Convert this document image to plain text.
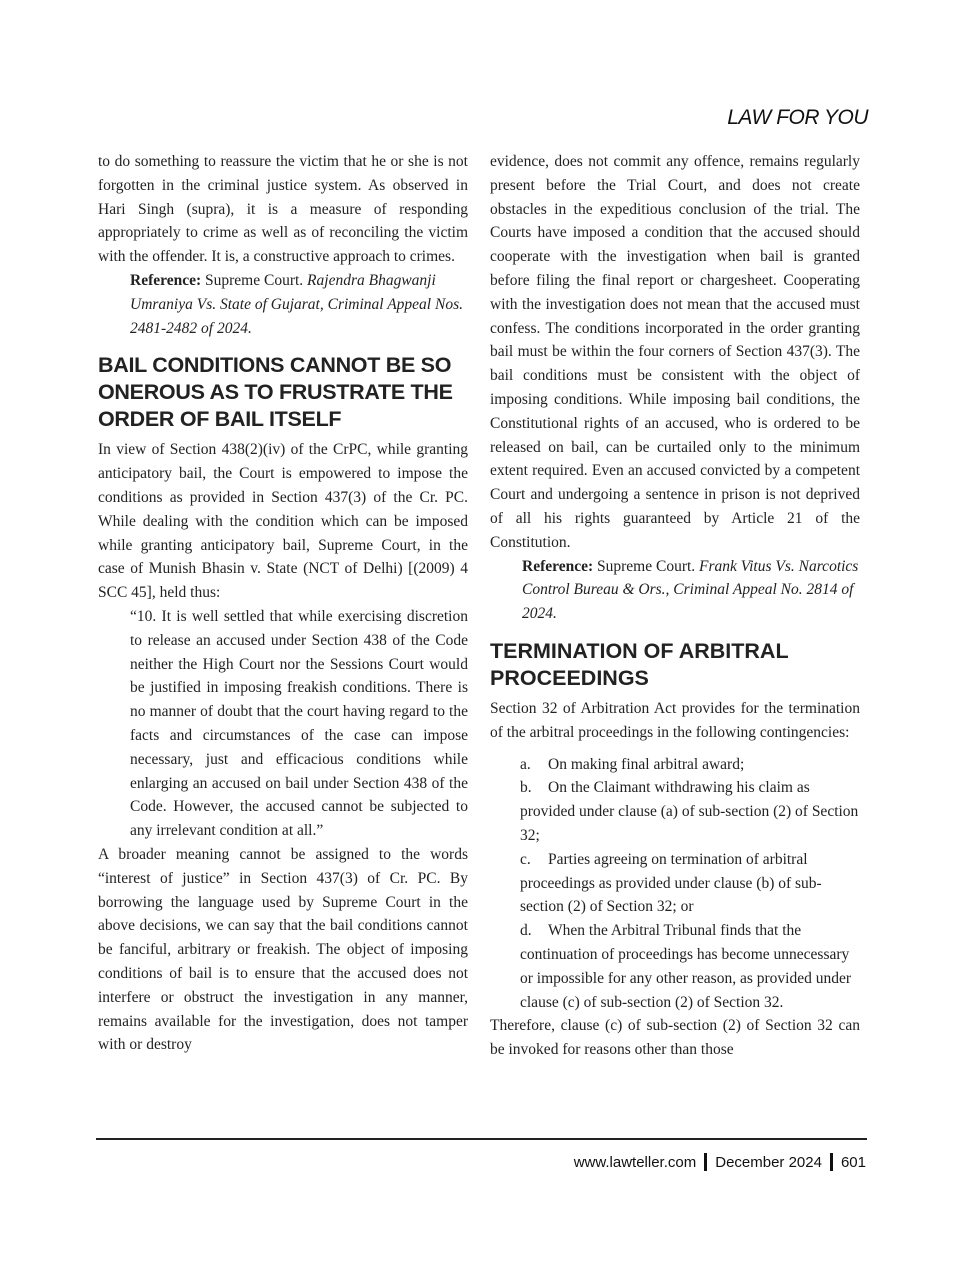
LAW FOR YOU

to do something to reassure the victim that he or she is not forgotten in the criminal justice system. As observed in Hari Singh (supra), it is a measure of responding appropriately to crime as well as of reconciling the victim with the offender. It is, a constructive approach to crimes.

Reference: Supreme Court. Rajendra Bhagwanji Umraniya Vs. State of Gujarat, Criminal Appeal Nos. 2481-2482 of 2024.

BAIL CONDITIONS CANNOT BE SO ONEROUS AS TO FRUSTRATE THE ORDER OF BAIL ITSELF

In view of Section 438(2)(iv) of the CrPC, while granting anticipatory bail, the Court is empowered to impose the conditions as provided in Section 437(3) of the Cr. PC. While dealing with the condition which can be imposed while granting anticipatory bail, Supreme Court, in the case of Munish Bhasin v. State (NCT of Delhi) [(2009) 4 SCC 45], held thus:

“10. It is well settled that while exercising discretion to release an accused under Section 438 of the Code neither the High Court nor the Sessions Court would be justified in imposing freakish conditions. There is no manner of doubt that the court having regard to the facts and circumstances of the case can impose necessary, just and efficacious conditions while enlarging an accused on bail under Section 438 of the Code. However, the accused cannot be subjected to any irrelevant condition at all.”

A broader meaning cannot be assigned to the words “interest of justice” in Section 437(3) of Cr. PC. By borrowing the language used by Supreme Court in the above decisions, we can say that the bail conditions cannot be fanciful, arbitrary or freakish. The object of imposing conditions of bail is to ensure that the accused does not interfere or obstruct the investigation in any manner, remains available for the investigation, does not tamper with or destroy

evidence, does not commit any offence, remains regularly present before the Trial Court, and does not create obstacles in the expeditious conclusion of the trial. The Courts have imposed a condition that the accused should cooperate with the investigation when bail is granted before filing the final report or chargesheet. Cooperating with the investigation does not mean that the accused must confess. The conditions incorporated in the order granting bail must be within the four corners of Section 437(3). The bail conditions must be consistent with the object of imposing conditions. While imposing bail conditions, the Constitutional rights of an accused, who is ordered to be released on bail, can be curtailed only to the minimum extent required. Even an accused convicted by a competent Court and undergoing a sentence in prison is not deprived of all his rights guaranteed by Article 21 of the Constitution.

Reference: Supreme Court. Frank Vitus Vs. Narcotics Control Bureau & Ors., Criminal Appeal No. 2814 of 2024.

TERMINATION OF ARBITRAL PROCEEDINGS

Section 32 of Arbitration Act provides for the termination of the arbitral proceedings in the following contingencies:

a. On making final arbitral award;

b. On the Claimant withdrawing his claim as provided under clause (a) of sub-section (2) of Section 32;

c. Parties agreeing on termination of arbitral proceedings as provided under clause (b) of sub-section (2) of Section 32; or

d. When the Arbitral Tribunal finds that the continuation of proceedings has become unnecessary or impossible for any other reason, as provided under clause (c) of sub-section (2) of Section 32.

Therefore, clause (c) of sub-section (2) of Section 32 can be invoked for reasons other than those

www.lawteller.com December 2024 601
